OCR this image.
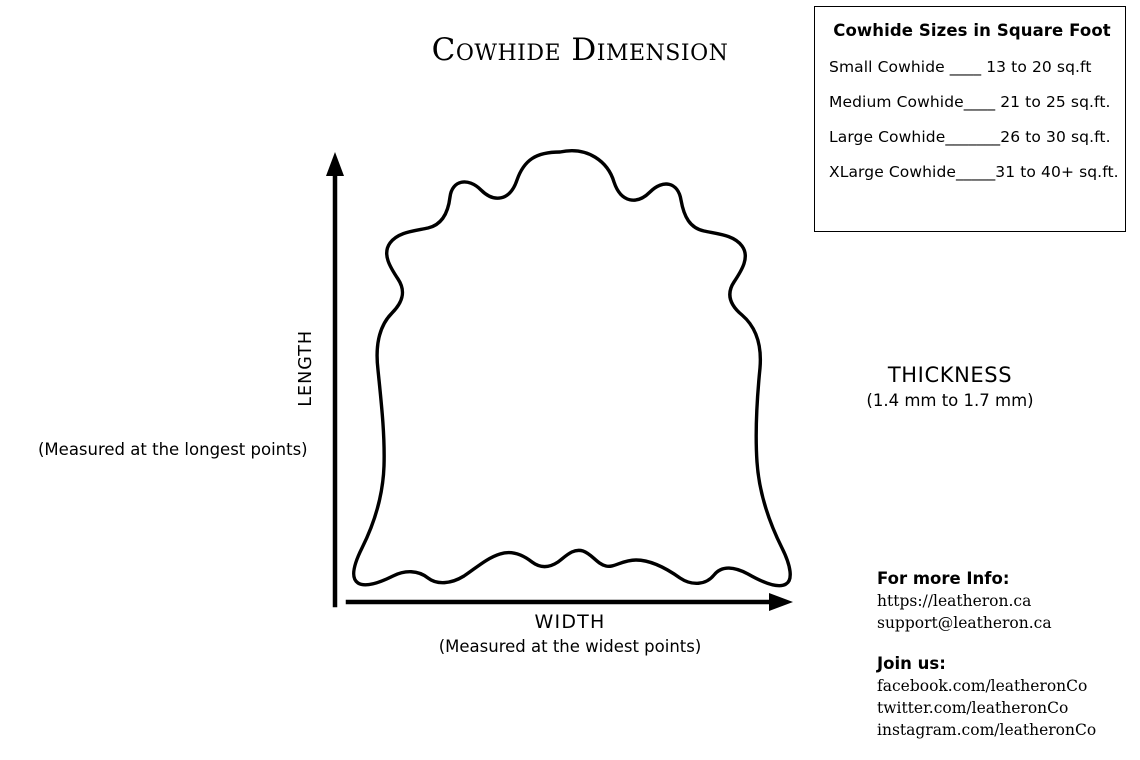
Cowhide Dimension
Cowhide Sizes in Square Foot
Small Cowhide ____ 13 to 20 sq.ft
Medium Cowhide____ 21 to 25 sq.ft.
Large Cowhide_______26 to 30 sq.ft.
XLarge Cowhide_____31 to 40+ sq.ft.
LENGTH
(Measured at the longest points)
WIDTH
(Measured at the widest points)
THICKNESS
(1.4 mm to 1.7 mm)
For more Info:
https://leatheron.ca
support@leatheron.ca
Join us:
facebook.com/leatheronCo
twitter.com/leatheronCo
instagram.com/leatheronCo
